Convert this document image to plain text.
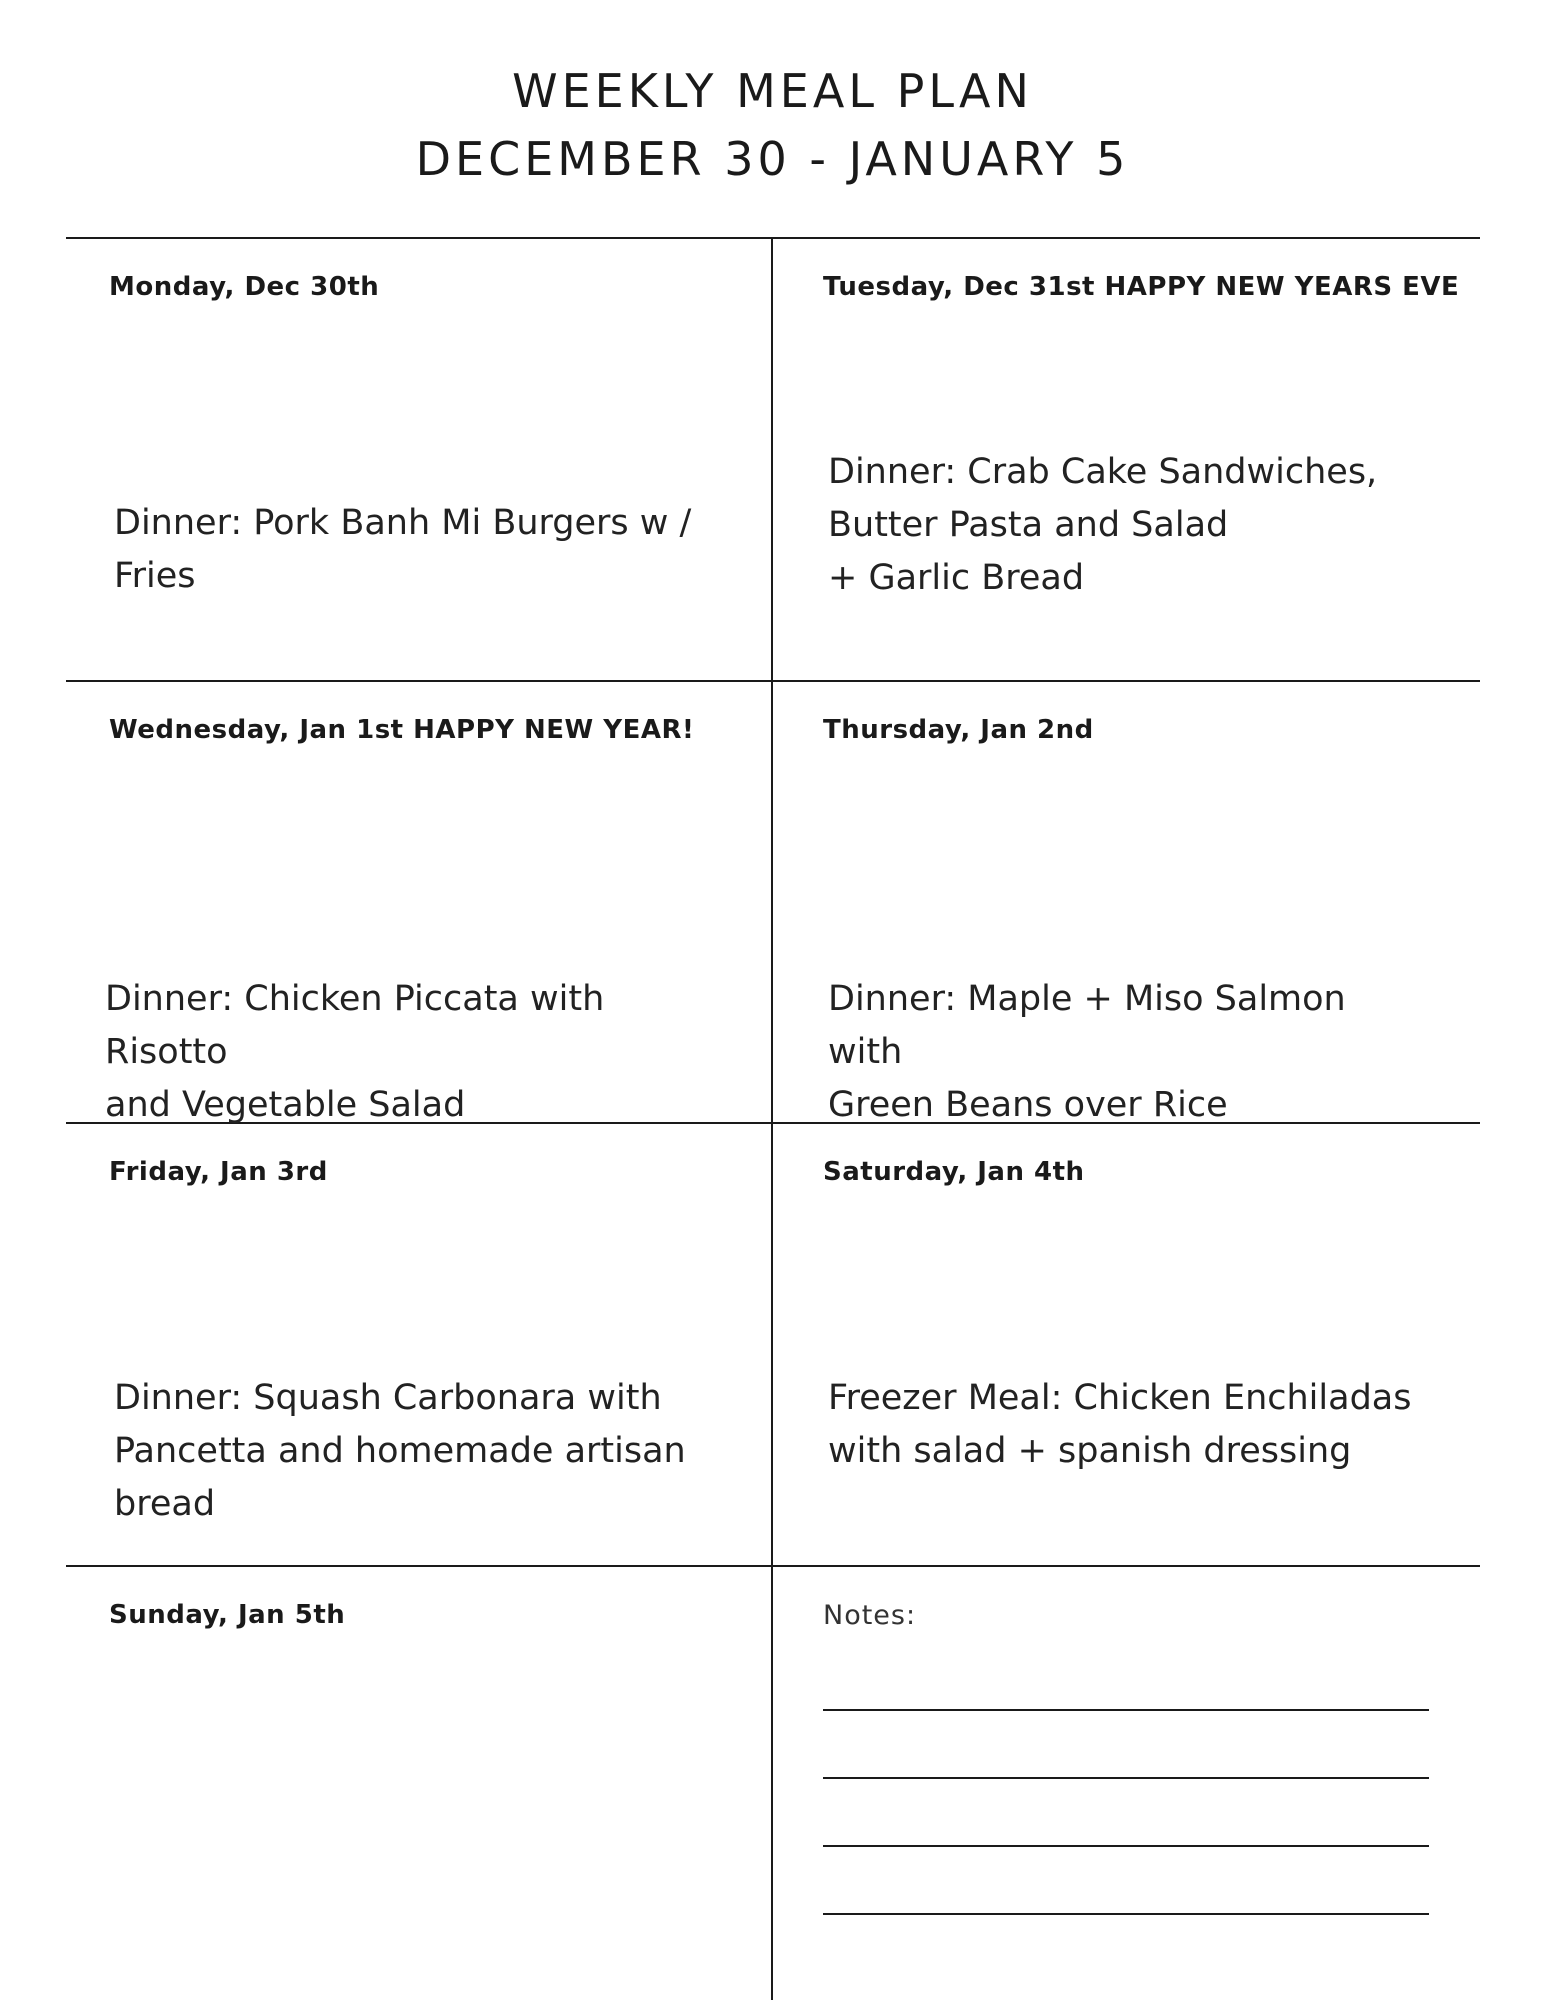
WEEKLY MEAL PLAN
DECEMBER 30 - JANUARY 5
Monday, Dec 30th
Dinner: Pork Banh Mi Burgers w /
Fries
Tuesday, Dec 31st HAPPY NEW YEARS EVE
Dinner: Crab Cake Sandwiches,
Butter Pasta and Salad
+ Garlic Bread
Wednesday, Jan 1st HAPPY NEW YEAR!
Dinner: Chicken Piccata with Risotto
and Vegetable Salad
Thursday, Jan 2nd
Dinner: Maple + Miso Salmon with
Green Beans over Rice
Friday, Jan 3rd
Dinner: Squash Carbonara with
Pancetta and homemade artisan
bread
Saturday, Jan 4th
Freezer Meal: Chicken Enchiladas
with salad + spanish dressing
Sunday, Jan 5th	Notes:
